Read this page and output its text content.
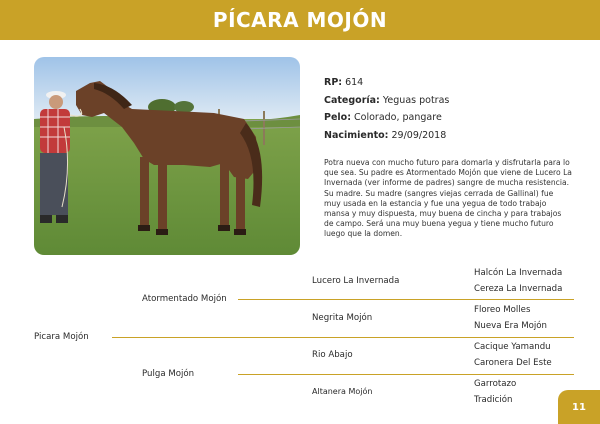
PÍCARA MOJÓN
RP: 614
Categoría: Yeguas potras
Pelo: Colorado, pangare
Nacimiento: 29/09/2018
Potra nueva con mucho futuro para domarla y disfrutarla para lo que sea. Su padre es Atormentado Mojón que viene de Lucero La Invernada (ver informe de padres) sangre de mucha resistencia. Su madre. Su madre (sangres viejas cerrada de Gallinal) fue muy usada en la estancia y fue una yegua de todo trabajo mansa y muy dispuesta, muy buena de cincha y para trabajos de campo. Será una muy buena yegua y tiene mucho futuro luego que la domen.
Picara Mojón
Atormentado Mojón
Pulga Mojón
Lucero La Invernada
Negrita Mojón
Rio Abajo
Altanera Mojón
Halcón La Invernada
Cereza La Invernada
Floreo Molles
Nueva Era Mojón
Cacique Yamandu
Caronera Del Este
Garrotazo
Tradición
11
